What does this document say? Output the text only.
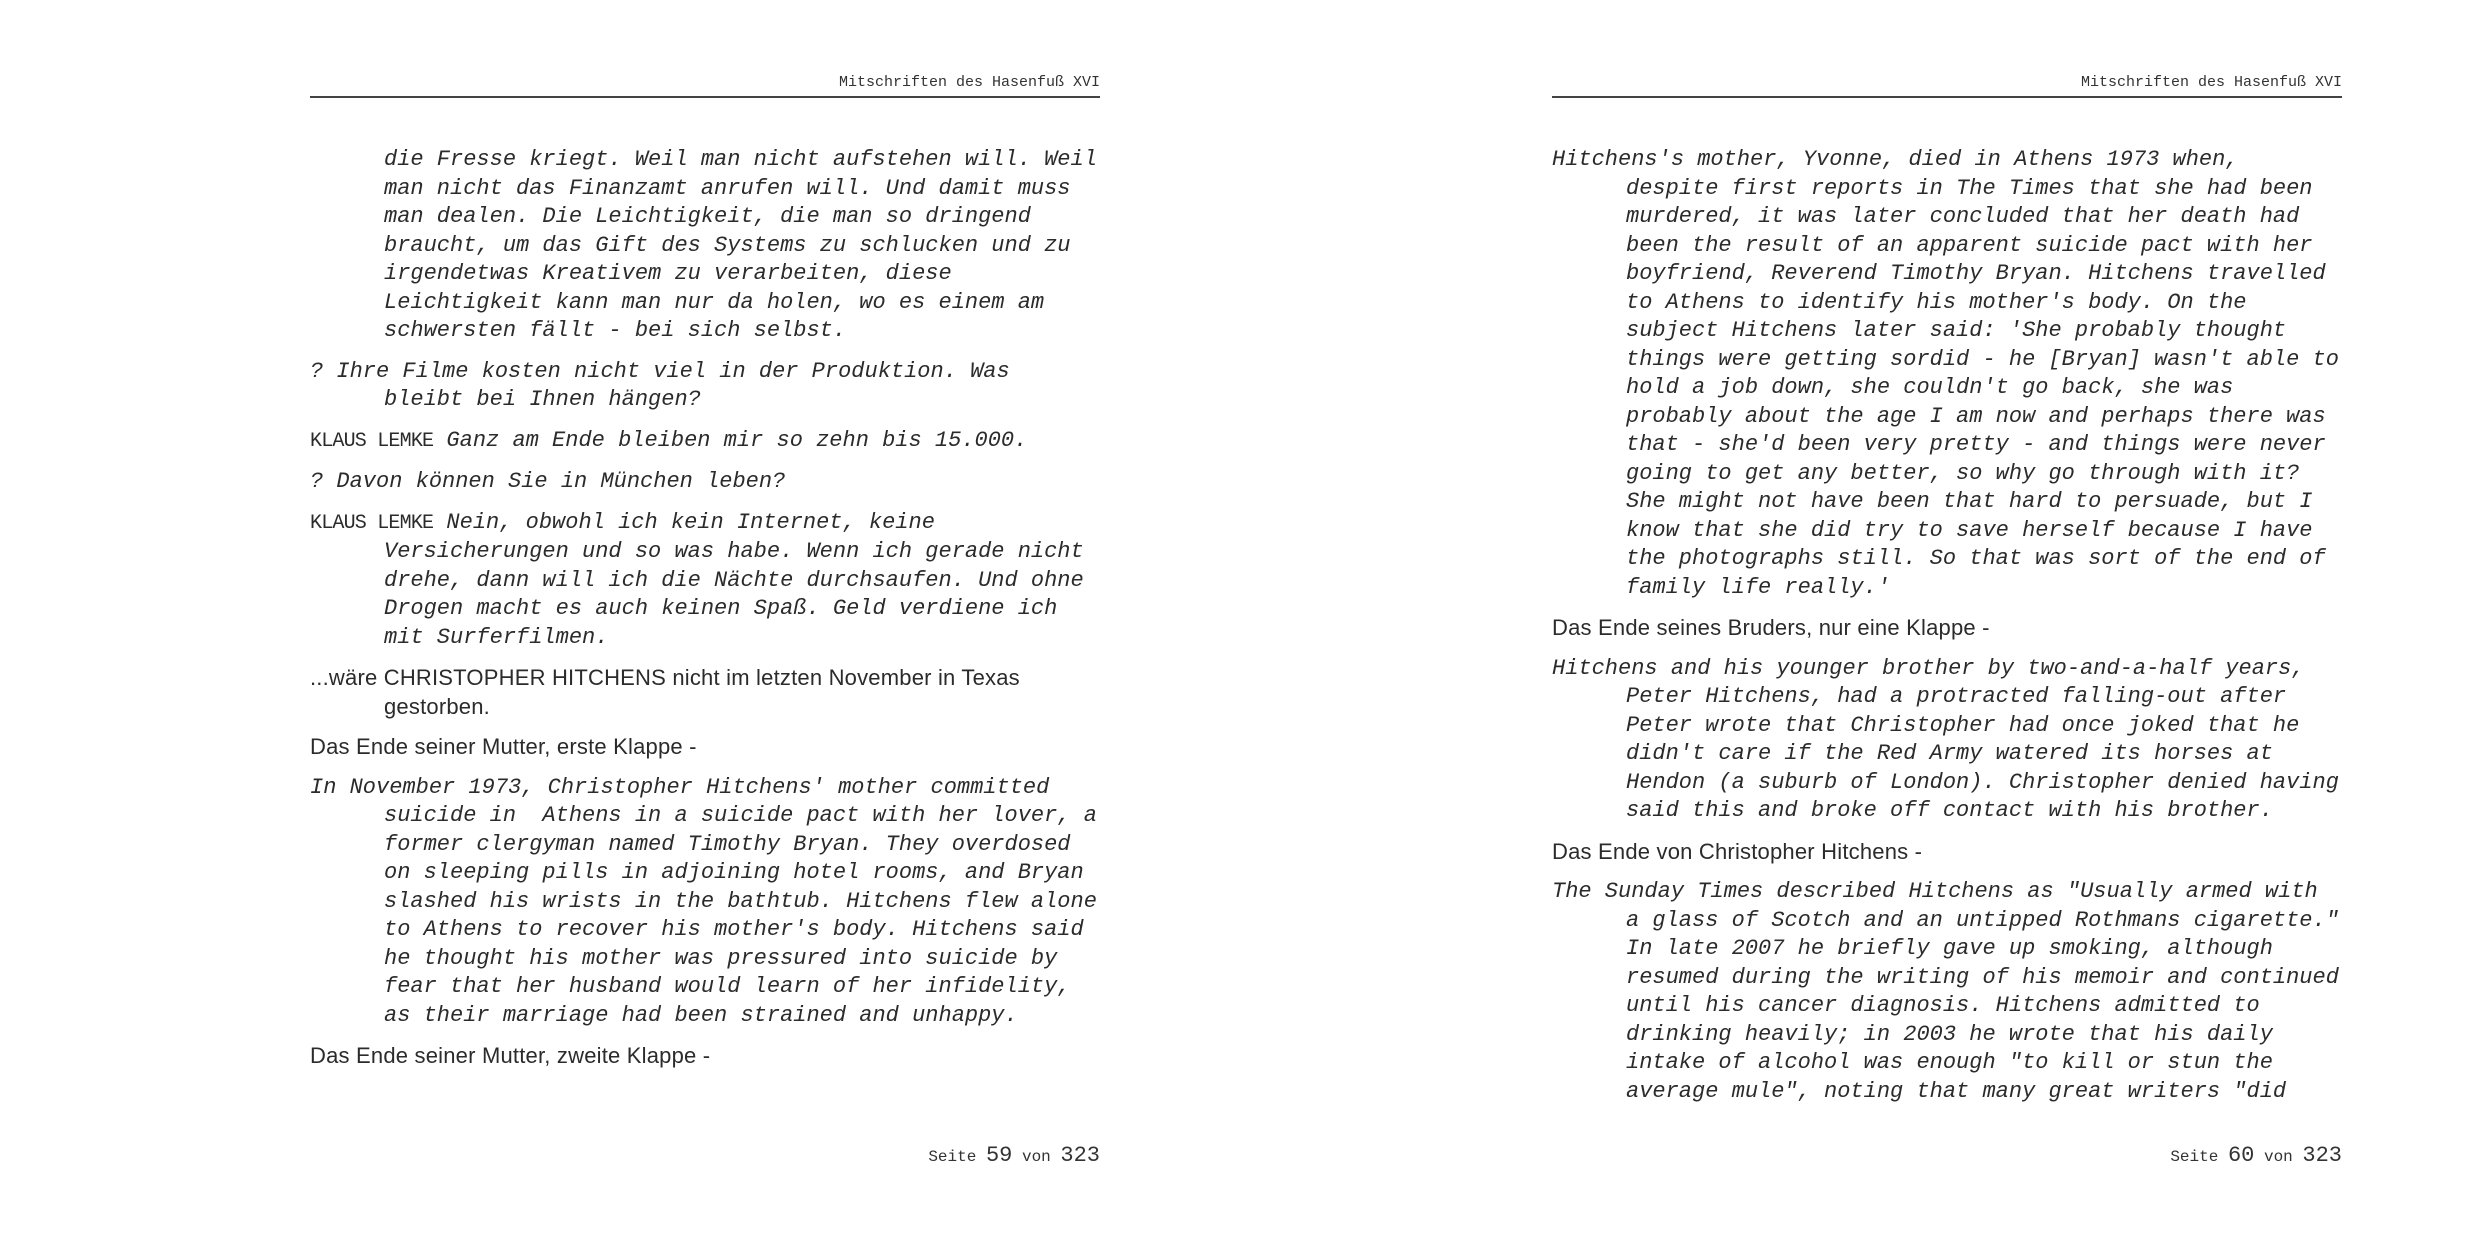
Mitschriften des Hasenfuß XVI

die Fresse kriegt. Weil man nicht aufstehen will. Weil man nicht das Finanzamt anrufen will. Und damit muss man dealen. Die Leichtigkeit, die man so dringend braucht, um das Gift des Systems zu schlucken und zu irgendetwas Kreativem zu verarbeiten, diese Leichtigkeit kann man nur da holen, wo es einem am schwersten fällt - bei sich selbst.

? Ihre Filme kosten nicht viel in der Produktion. Was bleibt bei Ihnen hängen?

KLAUS LEMKE Ganz am Ende bleiben mir so zehn bis 15.000.

? Davon können Sie in München leben?

KLAUS LEMKE Nein, obwohl ich kein Internet, keine Versicherungen und so was habe. Wenn ich gerade nicht drehe, dann will ich die Nächte durchsaufen. Und ohne Drogen macht es auch keinen Spaß. Geld verdiene ich mit Surferfilmen.

...wäre CHRISTOPHER HITCHENS nicht im letzten November in Texas gestorben.

Das Ende seiner Mutter, erste Klappe -

In November 1973, Christopher Hitchens' mother committed suicide in  Athens in a suicide pact with her lover, a former clergyman named Timothy Bryan. They overdosed on sleeping pills in adjoining hotel rooms, and Bryan slashed his wrists in the bathtub. Hitchens flew alone to Athens to recover his mother's body. Hitchens said he thought his mother was pressured into suicide by fear that her husband would learn of her infidelity, as their marriage had been strained and unhappy.

Das Ende seiner Mutter, zweite Klappe -

Seite 59 von 323
Mitschriften des Hasenfuß XVI

Hitchens's mother, Yvonne, died in Athens 1973 when, despite first reports in The Times that she had been murdered, it was later concluded that her death had been the result of an apparent suicide pact with her boyfriend, Reverend Timothy Bryan. Hitchens travelled to Athens to identify his mother's body. On the subject Hitchens later said: 'She probably thought things were getting sordid - he [Bryan] wasn't able to hold a job down, she couldn't go back, she was probably about the age I am now and perhaps there was that - she'd been very pretty - and things were never going to get any better, so why go through with it? She might not have been that hard to persuade, but I know that she did try to save herself because I have the photographs still. So that was sort of the end of family life really.'

Das Ende seines Bruders, nur eine Klappe -

Hitchens and his younger brother by two-and-a-half years, Peter Hitchens, had a protracted falling-out after Peter wrote that Christopher had once joked that he didn't care if the Red Army watered its horses at Hendon (a suburb of London). Christopher denied having said this and broke off contact with his brother.

Das Ende von Christopher Hitchens -

The Sunday Times described Hitchens as "Usually armed with a glass of Scotch and an untipped Rothmans cigarette." In late 2007 he briefly gave up smoking, although resumed during the writing of his memoir and continued until his cancer diagnosis. Hitchens admitted to drinking heavily; in 2003 he wrote that his daily intake of alcohol was enough "to kill or stun the average mule", noting that many great writers "did

Seite 60 von 323
